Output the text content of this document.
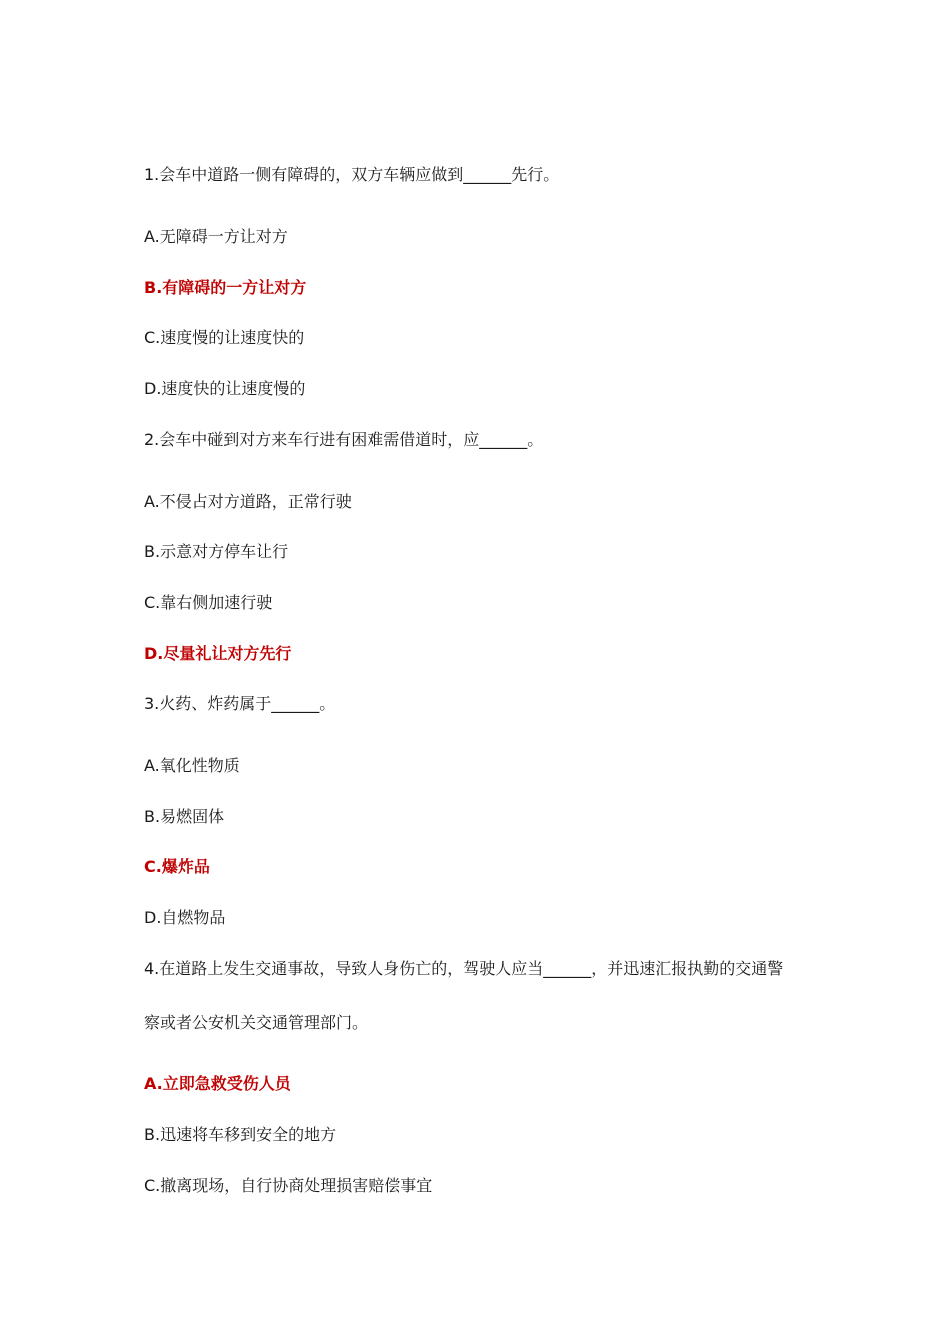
1.会车中道路一侧有障碍的，双方车辆应做到______先行。
A.无障碍一方让对方
B.有障碍的一方让对方
C.速度慢的让速度快的
D.速度快的让速度慢的
2.会车中碰到对方来车行进有困难需借道时，应______。
A.不侵占对方道路，正常行驶
B.示意对方停车让行
C.靠右侧加速行驶
D.尽量礼让对方先行
3.火药、炸药属于______。
A.氧化性物质
B.易燃固体
C.爆炸品
D.自燃物品
4.在道路上发生交通事故，导致人身伤亡的，驾驶人应当______，并迅速汇报执勤的交通警
察或者公安机关交通管理部门。
A.立即急救受伤人员
B.迅速将车移到安全的地方
C.撤离现场，自行协商处理损害赔偿事宜
